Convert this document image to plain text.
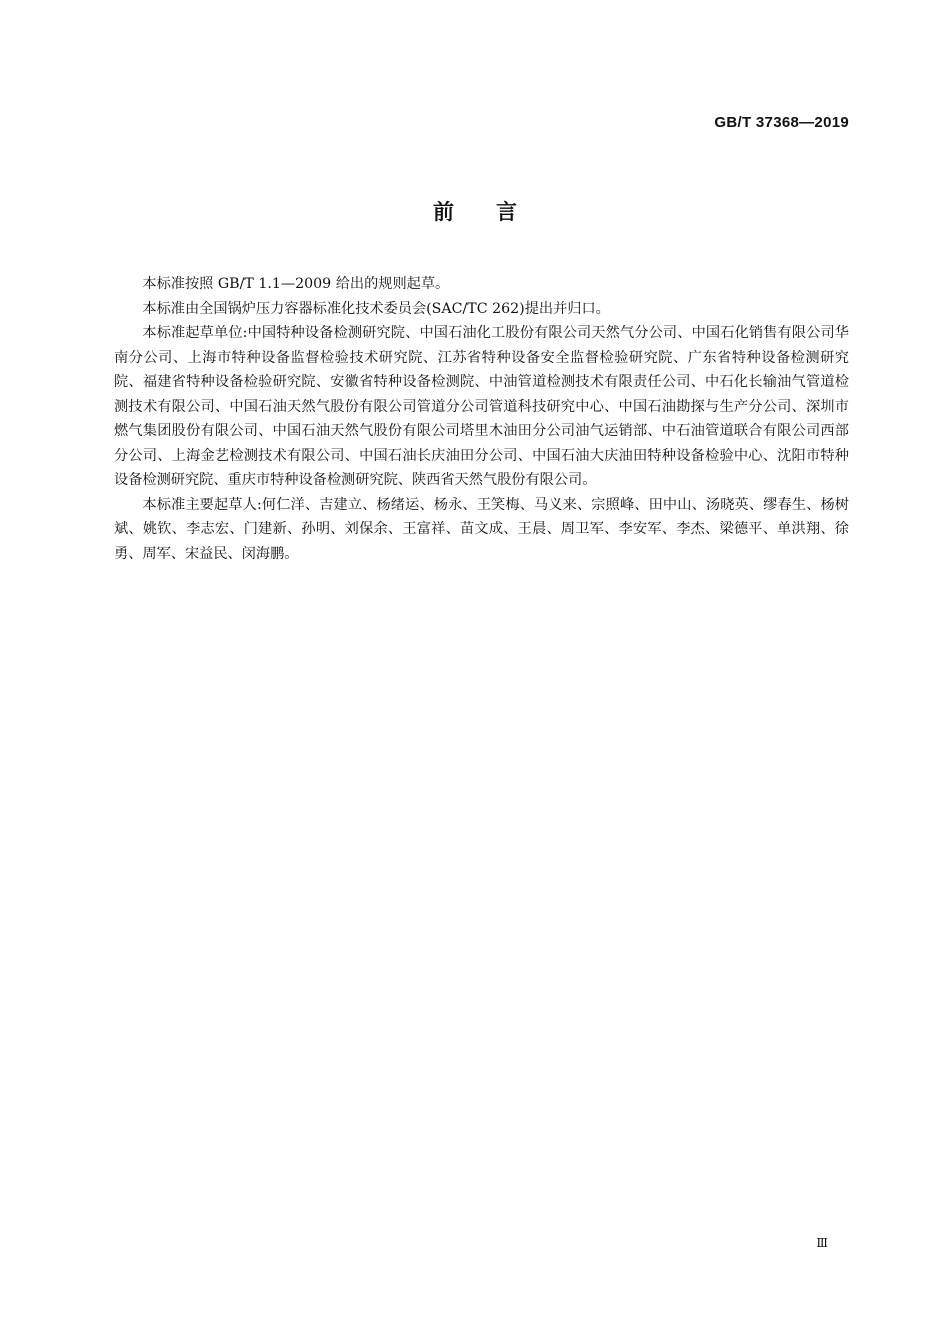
GB/T 37368—2019
前　　言

本标准按照 GB/T 1.1—2009 给出的规则起草。

本标准由全国锅炉压力容器标准化技术委员会(SAC/TC 262)提出并归口。

本标准起草单位:中国特种设备检测研究院、中国石油化工股份有限公司天然气分公司、中国石化销售有限公司华南分公司、上海市特种设备监督检验技术研究院、江苏省特种设备安全监督检验研究院、广东省特种设备检测研究院、福建省特种设备检验研究院、安徽省特种设备检测院、中油管道检测技术有限责任公司、中石化长输油气管道检测技术有限公司、中国石油天然气股份有限公司管道分公司管道科技研究中心、中国石油勘探与生产分公司、深圳市燃气集团股份有限公司、中国石油天然气股份有限公司塔里木油田分公司油气运销部、中石油管道联合有限公司西部分公司、上海金艺检测技术有限公司、中国石油长庆油田分公司、中国石油大庆油田特种设备检验中心、沈阳市特种设备检测研究院、重庆市特种设备检测研究院、陕西省天然气股份有限公司。

本标准主要起草人:何仁洋、吉建立、杨绪运、杨永、王笑梅、马义来、宗照峰、田中山、汤晓英、缪春生、杨树斌、姚钦、李志宏、门建新、孙明、刘保余、王富祥、苗文成、王晨、周卫军、李安军、李杰、梁德平、单洪翔、徐勇、周军、宋益民、闵海鹏。

Ⅲ
